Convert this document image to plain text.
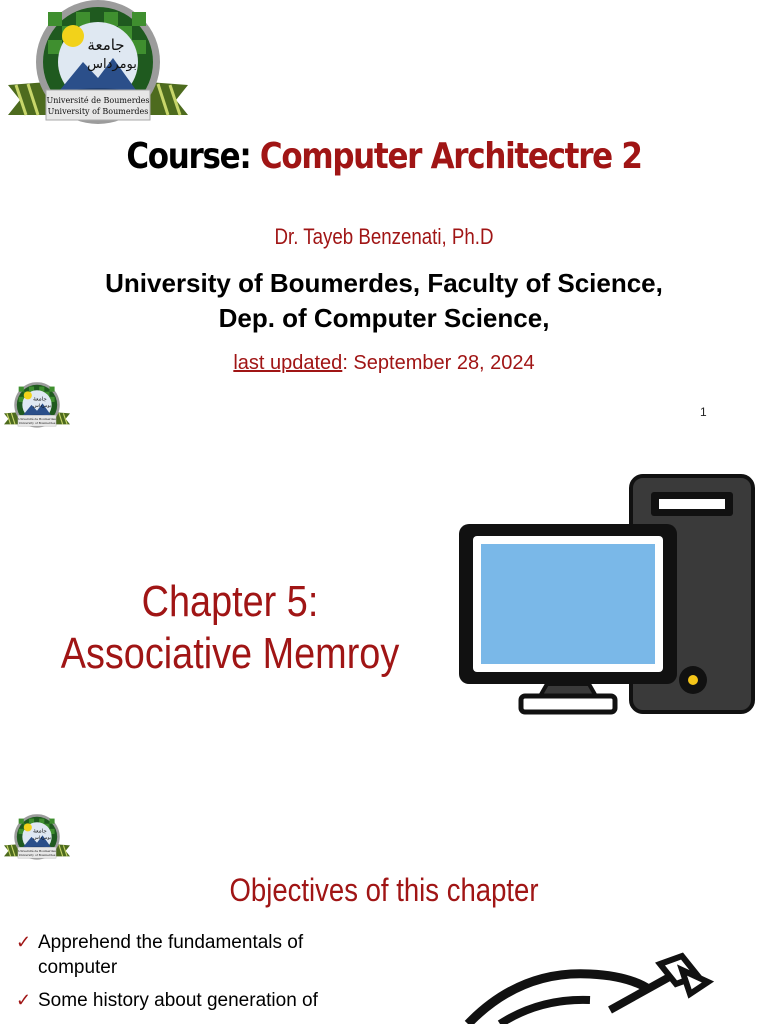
Course: Computer Architectre 2
Dr. Tayeb Benzenati, Ph.D
University of Boumerdes, Faculty of Science,
Dep. of Computer Science,
last updated: September 28, 2024
1
Chapter 5:
Associative Memroy
Objectives of this chapter
✓ Apprehend the fundamentals of computer
✓ Some history about generation of
